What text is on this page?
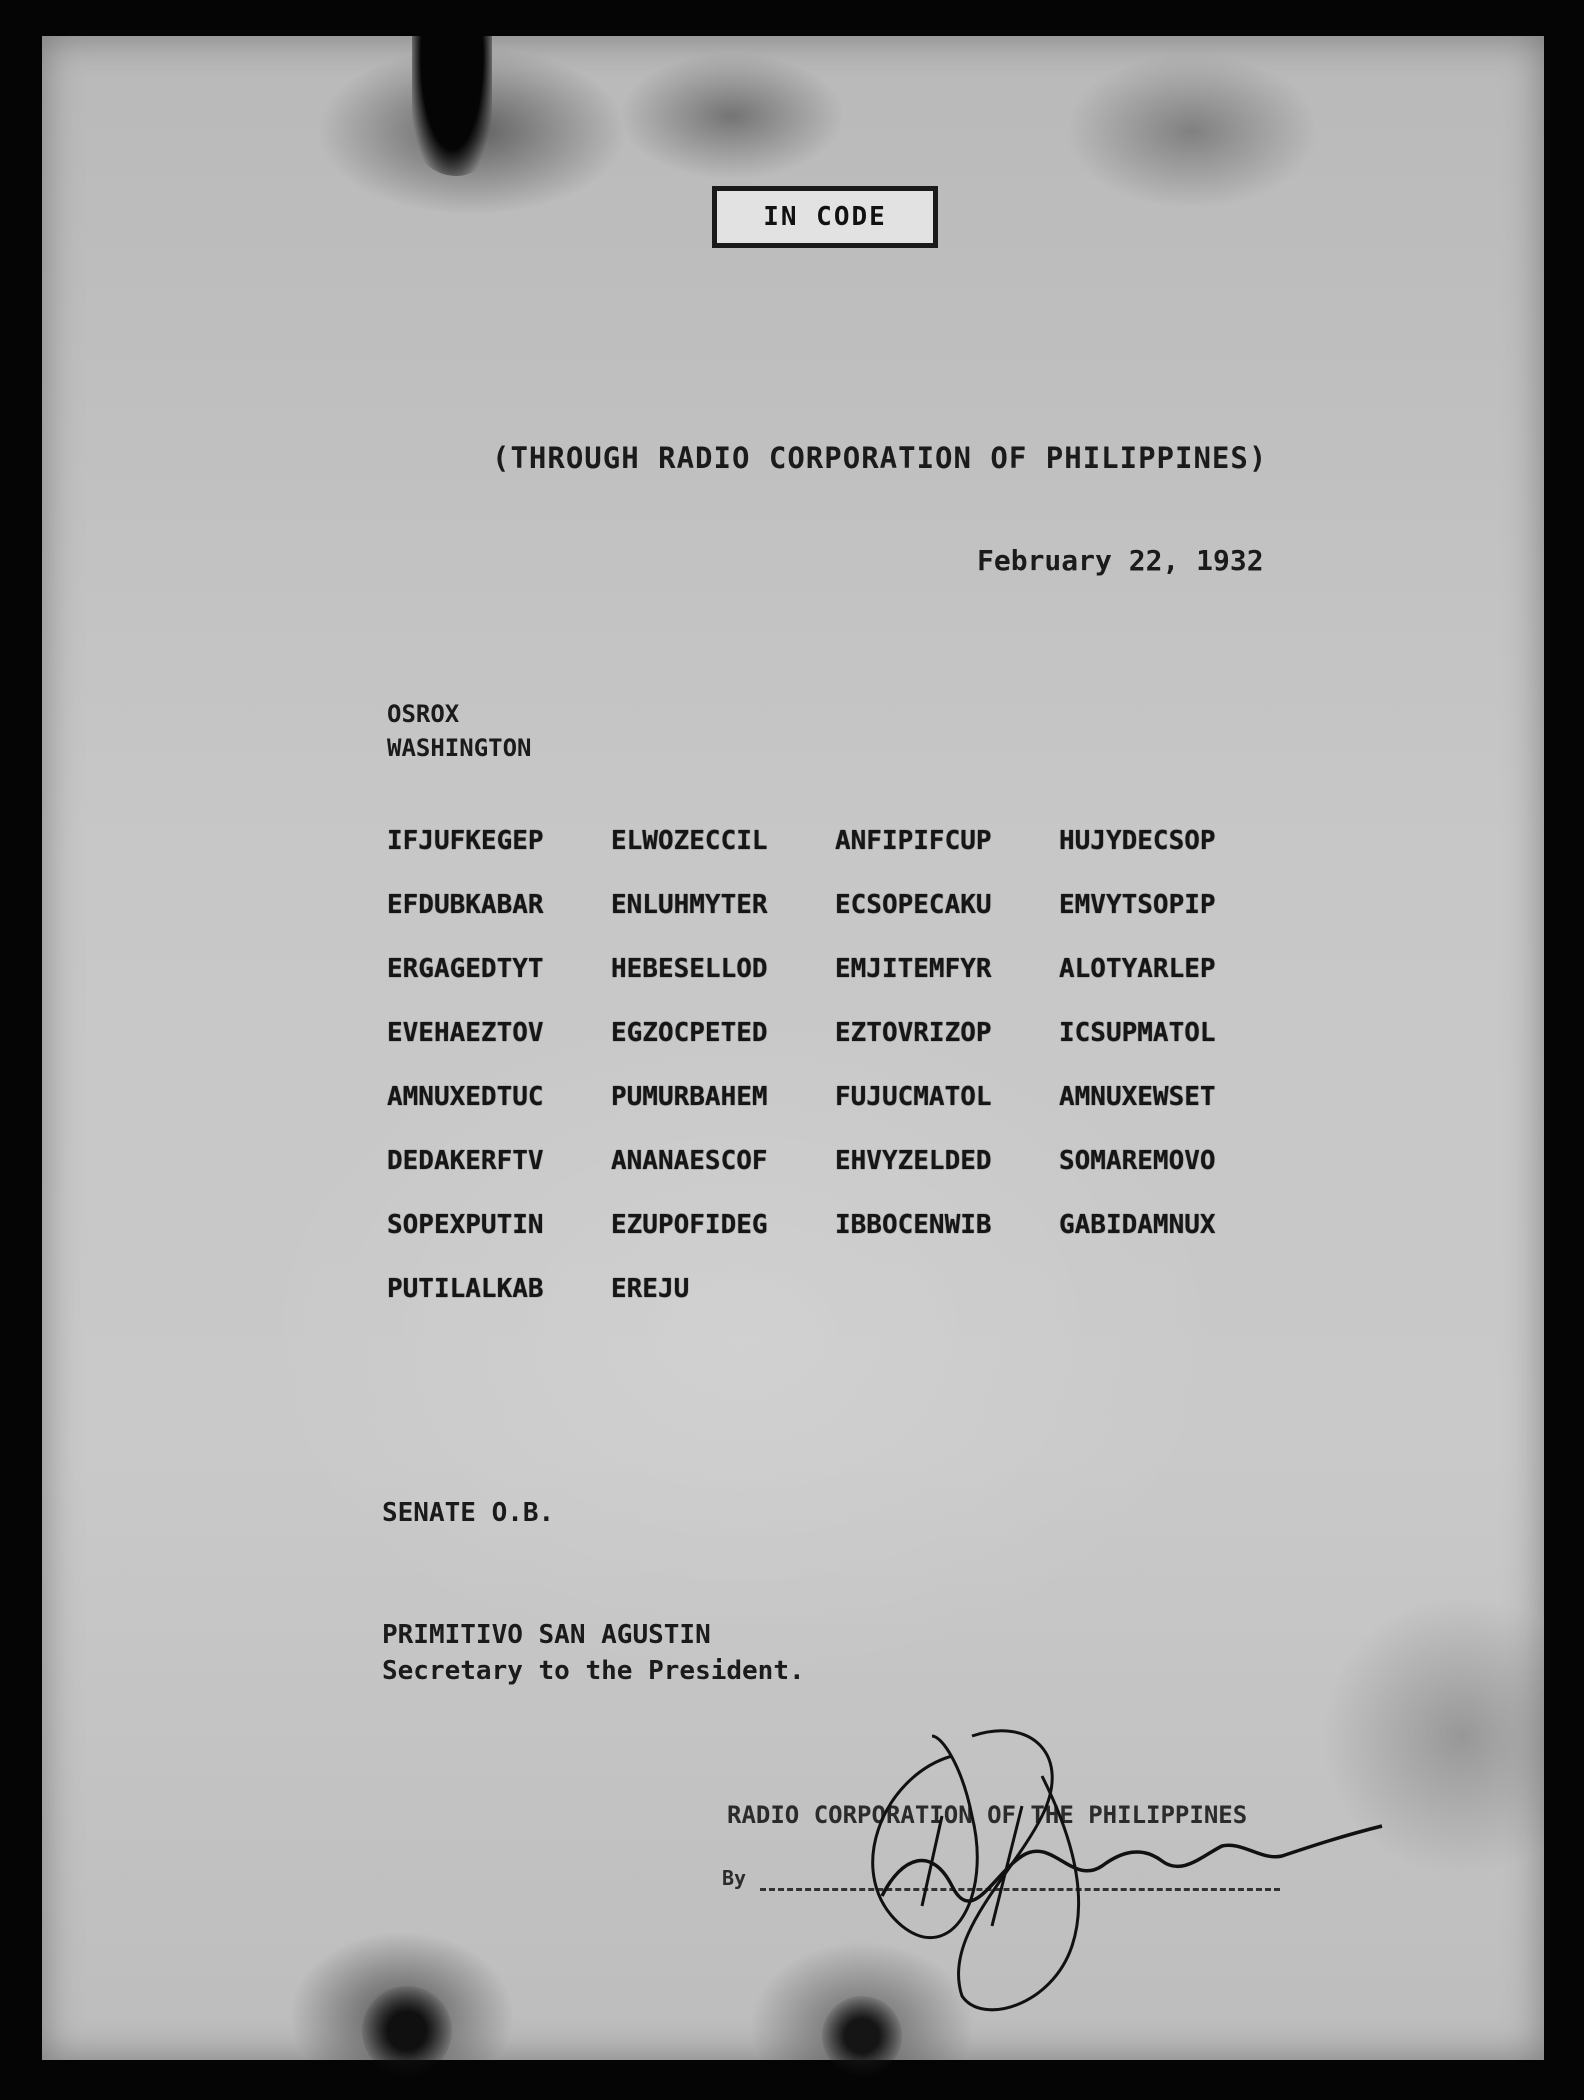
IN CODE
(THROUGH RADIO CORPORATION OF PHILIPPINES)
February 22, 1932
OSROX
WASHINGTON
IFJUFKEGEP	ELWOZECCIL	ANFIPIFCUP	HUJYDECSOP
EFDUBKABAR	ENLUHMYTER	ECSOPECAKU	EMVYTSOPIP
ERGAGEDTYT	HEBESELLOD	EMJITEMFYR	ALOTYARLEP
EVEHAEZTOV	EGZOCPETED	EZTOVRIZOP	ICSUPMATOL
AMNUXEDTUC	PUMURBAHEM	FUJUCMATOL	AMNUXEWSET
DEDAKERFTV	ANANAESCOF	EHVYZELDED	SOMAREMOVO
SOPEXPUTIN	EZUPOFIDEG	IBBOCENWIB	GABIDAMNUX
PUTILALKAB	EREJU
SENATE O.B.
PRIMITIVO SAN AGUSTIN
Secretary to the President.
RADIO CORPORATION OF THE PHILIPPINES
By
